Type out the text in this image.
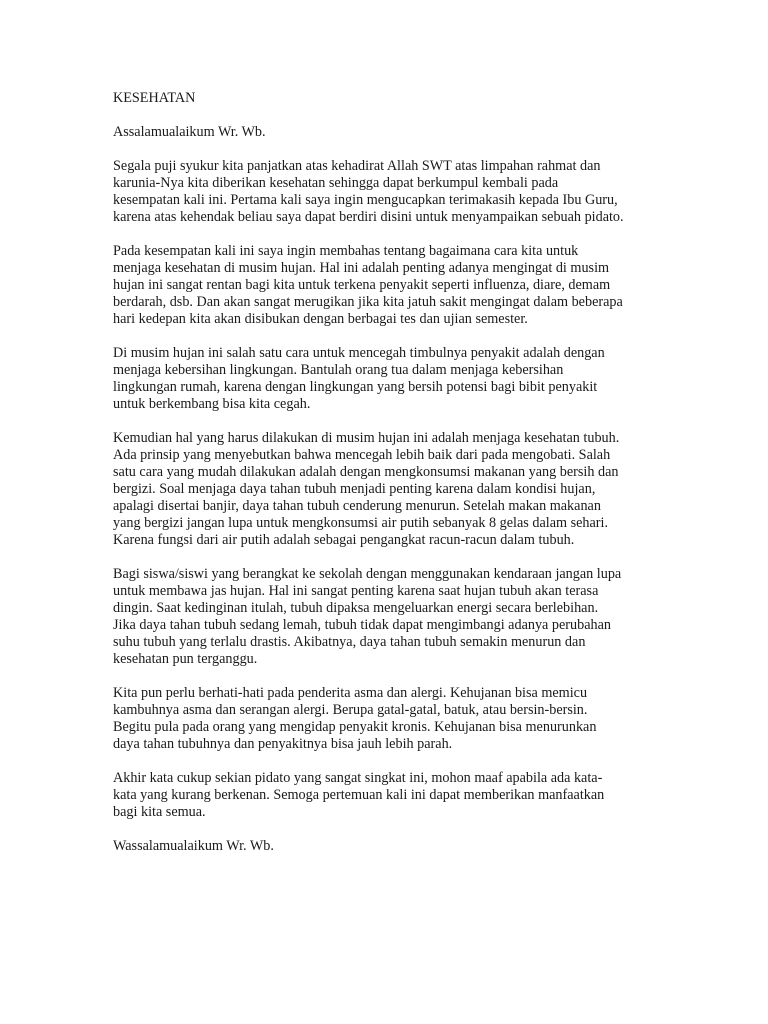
KESEHATAN
Assalamualaikum Wr. Wb.
Segala puji syukur kita panjatkan atas kehadirat Allah SWT atas limpahan rahmat dan
karunia-Nya kita diberikan kesehatan sehingga dapat berkumpul kembali pada
kesempatan kali ini. Pertama kali saya ingin mengucapkan terimakasih kepada Ibu Guru,
karena atas kehendak beliau saya dapat berdiri disini untuk menyampaikan sebuah pidato.
Pada kesempatan kali ini saya ingin membahas tentang bagaimana cara kita untuk
menjaga kesehatan di musim hujan. Hal ini adalah penting adanya mengingat di musim
hujan ini sangat rentan bagi kita untuk terkena penyakit seperti influenza, diare, demam
berdarah, dsb. Dan akan sangat merugikan jika kita jatuh sakit mengingat dalam beberapa
hari kedepan kita akan disibukan dengan berbagai tes dan ujian semester.
Di musim hujan ini salah satu cara untuk mencegah timbulnya penyakit adalah dengan
menjaga kebersihan lingkungan. Bantulah orang tua dalam menjaga kebersihan
lingkungan rumah, karena dengan lingkungan yang bersih potensi bagi bibit penyakit
untuk berkembang bisa kita cegah.
Kemudian hal yang harus dilakukan di musim hujan ini adalah menjaga kesehatan tubuh.
Ada prinsip yang menyebutkan bahwa mencegah lebih baik dari pada mengobati. Salah
satu cara yang mudah dilakukan adalah dengan mengkonsumsi makanan yang bersih dan
bergizi. Soal menjaga daya tahan tubuh menjadi penting karena dalam kondisi hujan,
apalagi disertai banjir, daya tahan tubuh cenderung menurun. Setelah makan makanan
yang bergizi jangan lupa untuk mengkonsumsi air putih sebanyak 8 gelas dalam sehari.
Karena fungsi dari air putih adalah sebagai pengangkat racun-racun dalam tubuh.
Bagi siswa/siswi yang berangkat ke sekolah dengan menggunakan kendaraan jangan lupa
untuk membawa jas hujan. Hal ini sangat penting karena saat hujan tubuh akan terasa
dingin. Saat kedinginan itulah, tubuh dipaksa mengeluarkan energi secara berlebihan.
Jika daya tahan tubuh sedang lemah, tubuh tidak dapat mengimbangi adanya perubahan
suhu tubuh yang terlalu drastis. Akibatnya, daya tahan tubuh semakin menurun dan
kesehatan pun terganggu.
Kita pun perlu berhati-hati pada penderita asma dan alergi. Kehujanan bisa memicu
kambuhnya asma dan serangan alergi. Berupa gatal-gatal, batuk, atau bersin-bersin.
Begitu pula pada orang yang mengidap penyakit kronis. Kehujanan bisa menurunkan
daya tahan tubuhnya dan penyakitnya bisa jauh lebih parah.
Akhir kata cukup sekian pidato yang sangat singkat ini, mohon maaf apabila ada kata-
kata yang kurang berkenan. Semoga pertemuan kali ini dapat memberikan manfaatkan
bagi kita semua.
Wassalamualaikum Wr. Wb.
